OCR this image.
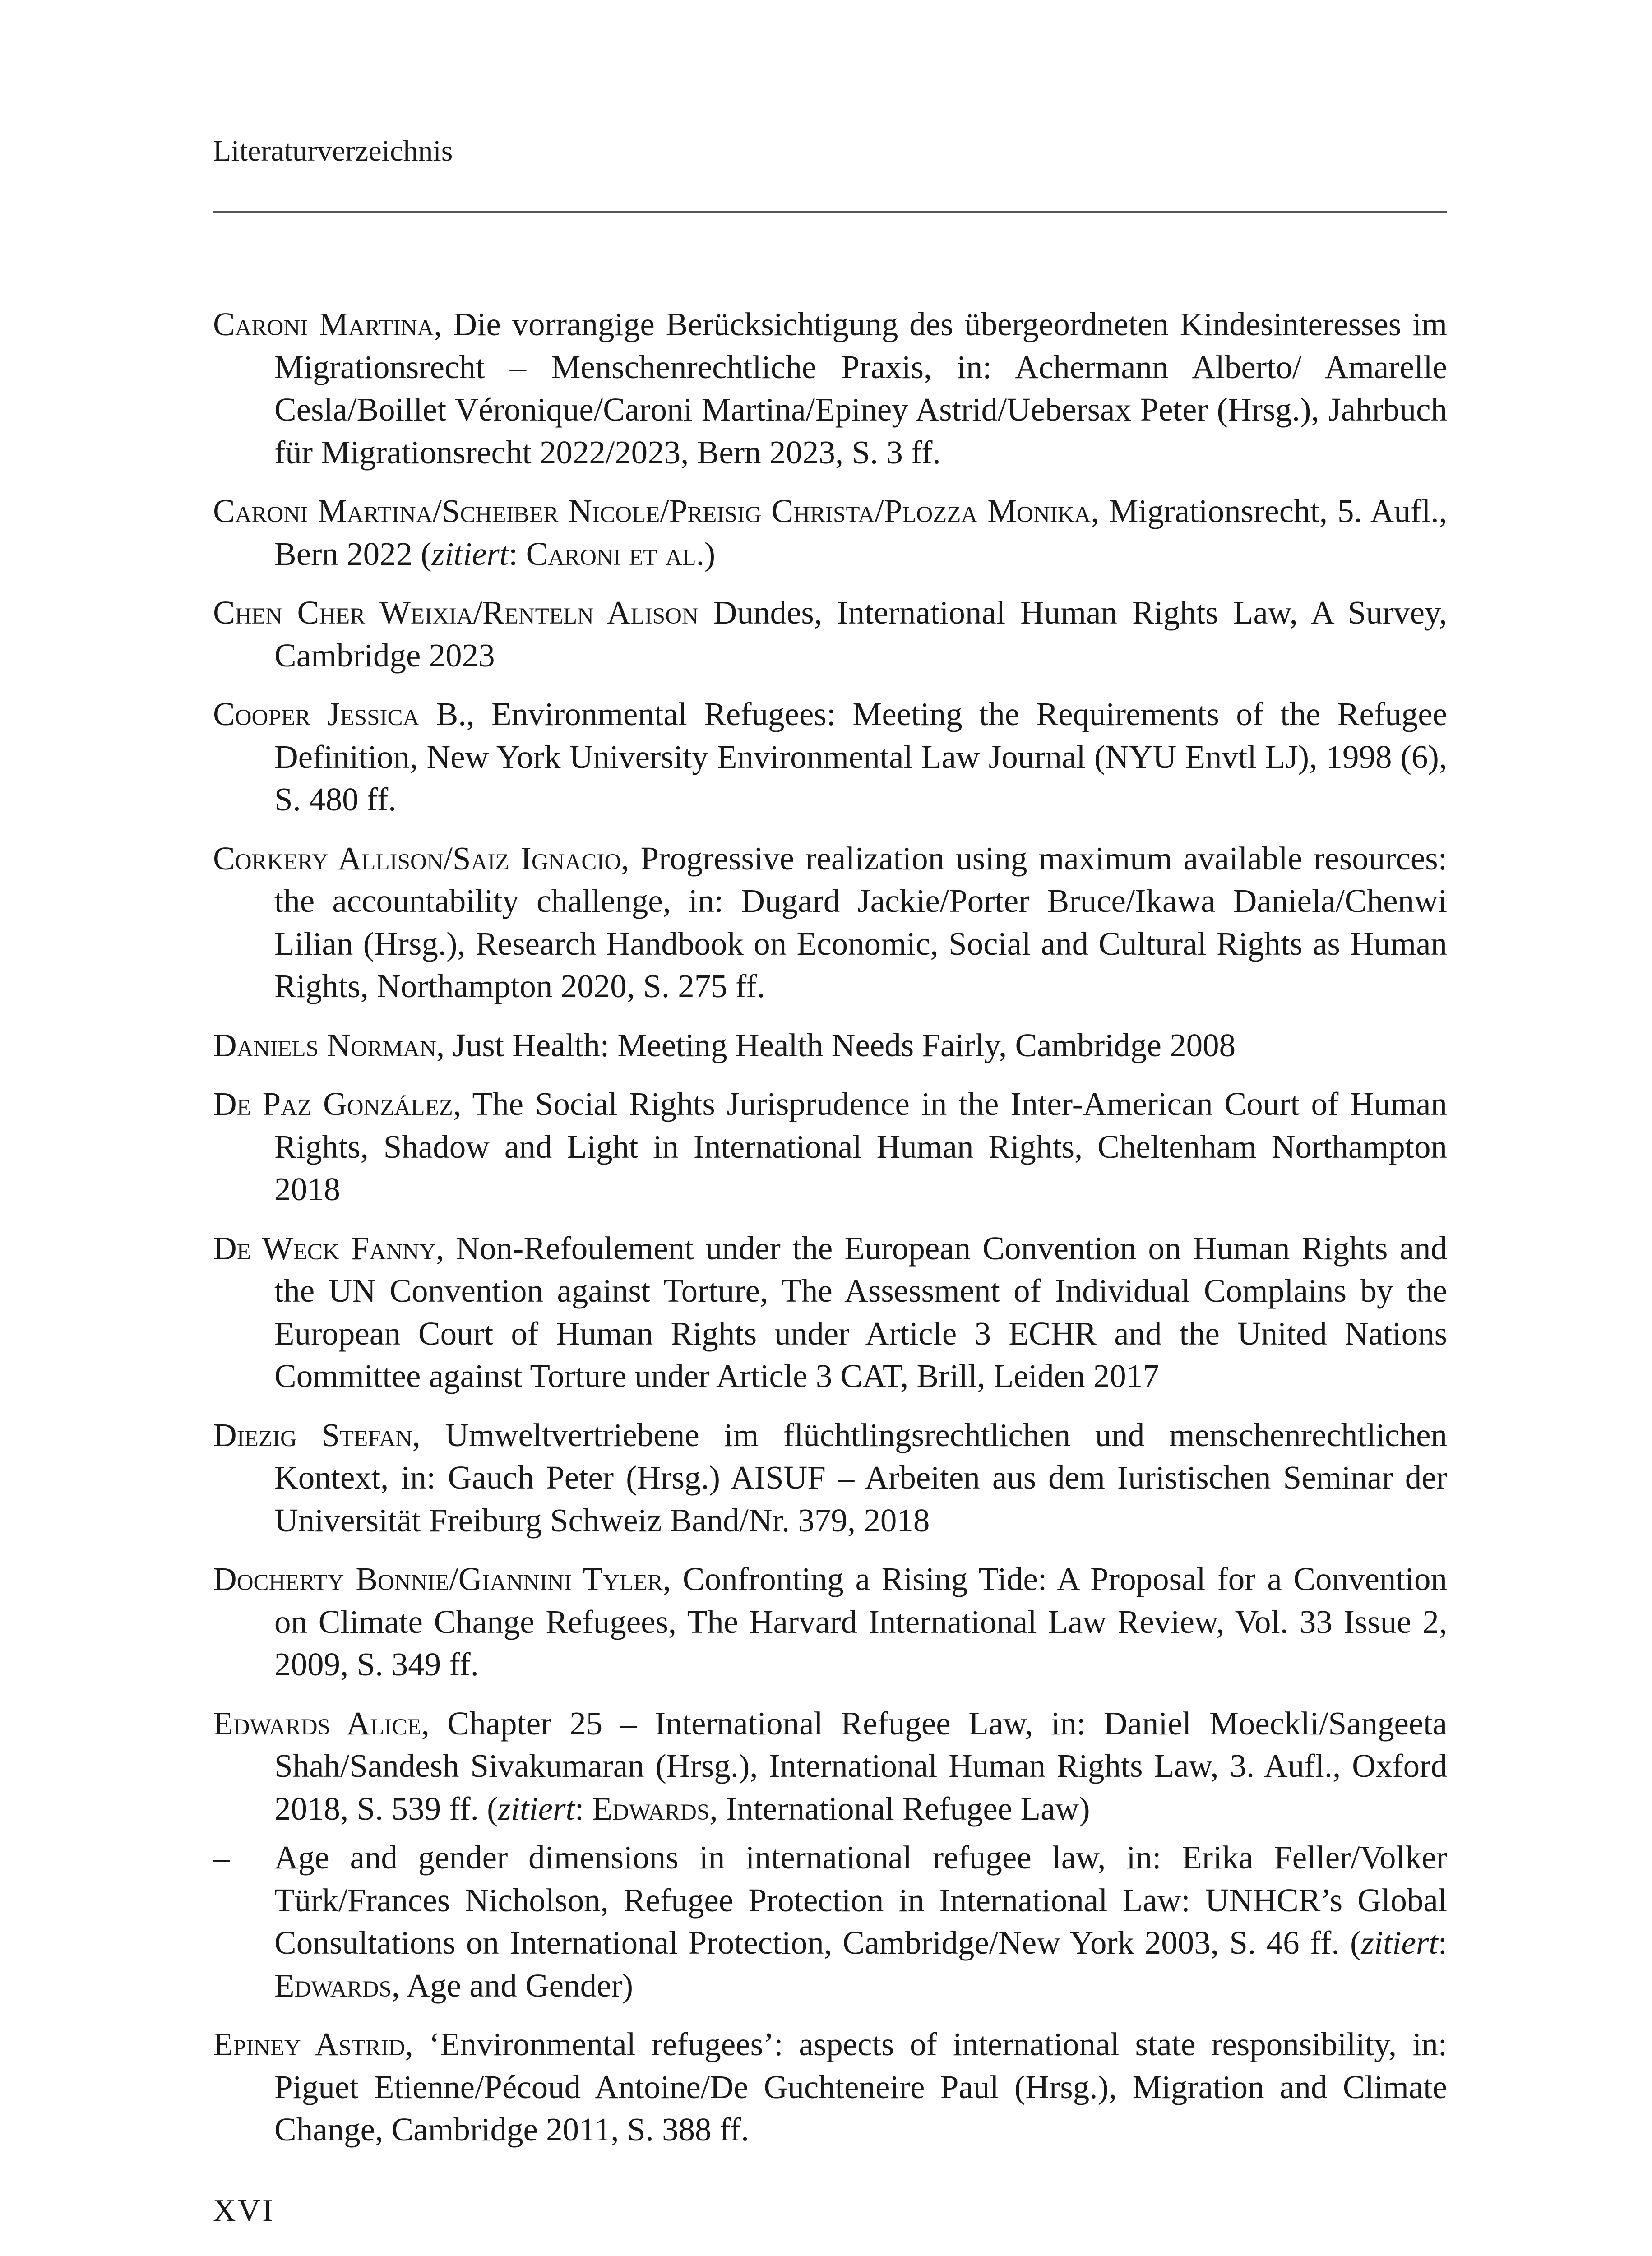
Literaturverzeichnis

Caroni Martina, Die vorrangige Berücksichtigung des übergeordneten Kindesinteresses im Migrationsrecht – Menschenrechtliche Praxis, in: Achermann Alberto/ Amarelle Cesla/Boillet Véronique/Caroni Martina/Epiney Astrid/Uebersax Peter (Hrsg.), Jahrbuch für Migrationsrecht 2022/2023, Bern 2023, S. 3 ff.

Caroni Martina/Scheiber Nicole/Preisig Christa/Plozza Monika, Migrationsrecht, 5. Aufl., Bern 2022 (zitiert: Caroni et al.)

Chen Cher Weixia/Renteln Alison Dundes, International Human Rights Law, A Survey, Cambridge 2023

Cooper Jessica B., Environmental Refugees: Meeting the Requirements of the Refugee Definition, New York University Environmental Law Journal (NYU Envtl LJ), 1998 (6), S. 480 ff.

Corkery Allison/Saiz Ignacio, Progressive realization using maximum available resources: the accountability challenge, in: Dugard Jackie/Porter Bruce/Ikawa Daniela/Chenwi Lilian (Hrsg.), Research Handbook on Economic, Social and Cultural Rights as Human Rights, Northampton 2020, S. 275 ff.

Daniels Norman, Just Health: Meeting Health Needs Fairly, Cambridge 2008

De Paz González, The Social Rights Jurisprudence in the Inter-American Court of Human Rights, Shadow and Light in International Human Rights, Cheltenham Northampton 2018

De Weck Fanny, Non-Refoulement under the European Convention on Human Rights and the UN Convention against Torture, The Assessment of Individual Complains by the European Court of Human Rights under Article 3 ECHR and the United Nations Committee against Torture under Article 3 CAT, Brill, Leiden 2017

Diezig Stefan, Umweltvertriebene im flüchtlingsrechtlichen und menschenrechtlichen Kontext, in: Gauch Peter (Hrsg.) AISUF – Arbeiten aus dem Iuristischen Seminar der Universität Freiburg Schweiz Band/Nr. 379, 2018

Docherty Bonnie/Giannini Tyler, Confronting a Rising Tide: A Proposal for a Convention on Climate Change Refugees, The Harvard International Law Review, Vol. 33 Issue 2, 2009, S. 349 ff.

Edwards Alice, Chapter 25 – International Refugee Law, in: Daniel Moeckli/Sangeeta Shah/Sandesh Sivakumaran (Hrsg.), International Human Rights Law, 3. Aufl., Oxford 2018, S. 539 ff. (zitiert: Edwards, International Refugee Law)

– Age and gender dimensions in international refugee law, in: Erika Feller/Volker Türk/Frances Nicholson, Refugee Protection in International Law: UNHCR’s Global Consultations on International Protection, Cambridge/New York 2003, S. 46 ff. (zitiert: Edwards, Age and Gender)

Epiney Astrid, ‘Environmental refugees’: aspects of international state responsibility, in: Piguet Etienne/Pécoud Antoine/De Guchteneire Paul (Hrsg.), Migration and Climate Change, Cambridge 2011, S. 388 ff.

XVI
